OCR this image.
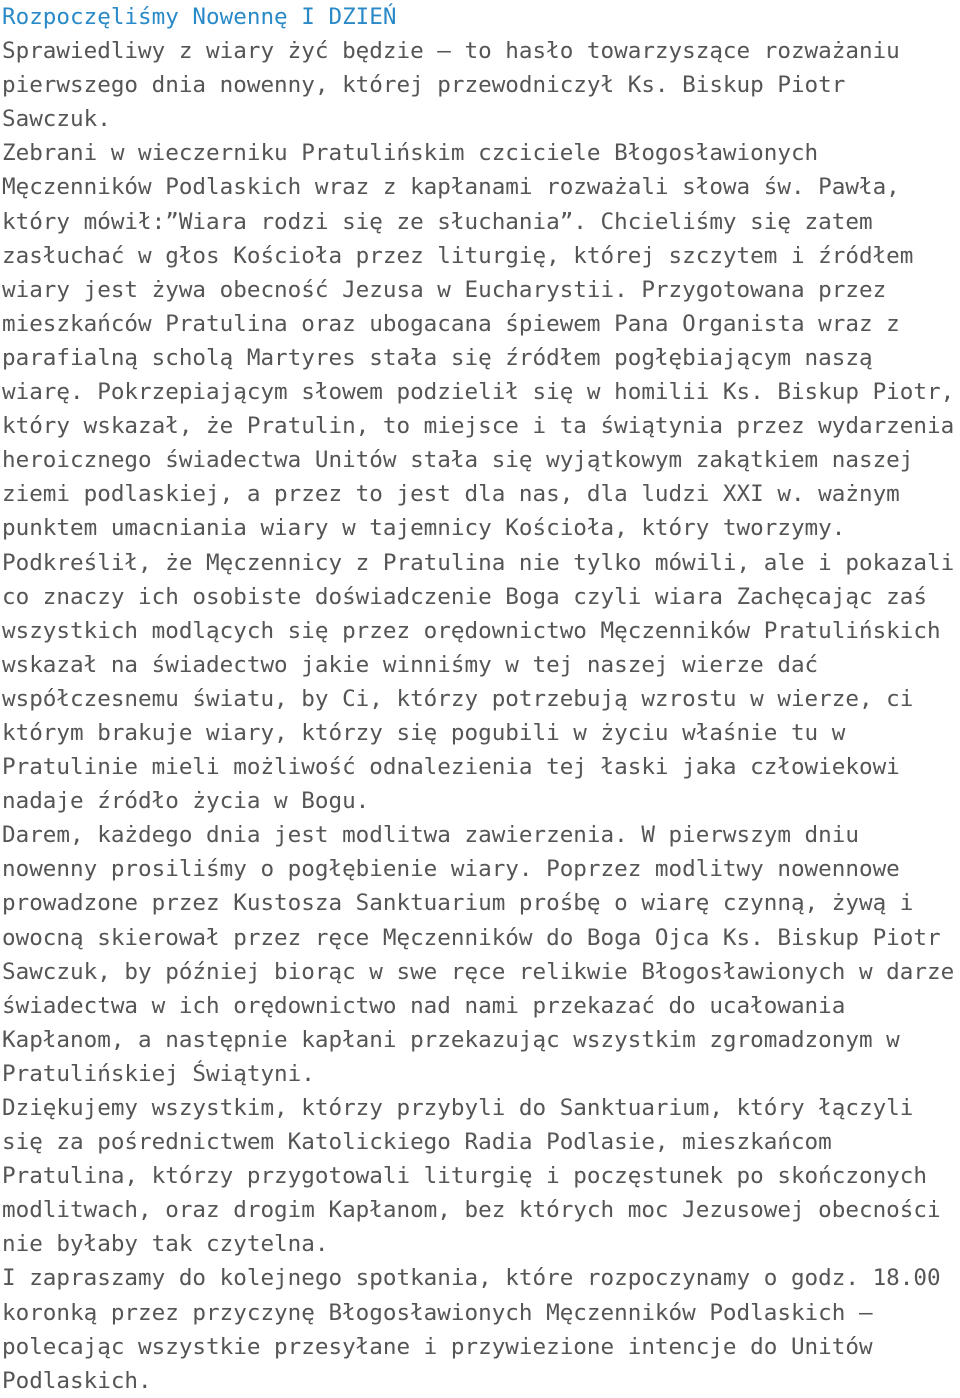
Rozpoczęliśmy Nowennę I DZIEŃ

Sprawiedliwy z wiary żyć będzie – to hasło towarzyszące rozważaniu
pierwszego dnia nowenny, której przewodniczył Ks. Biskup Piotr
Sawczuk.

Zebrani w wieczerniku Pratulińskim czciciele Błogosławionych
Męczenników Podlaskich wraz z kapłanami rozważali słowa św. Pawła,
który mówił:”Wiara rodzi się ze słuchania”. Chcieliśmy się zatem
zasłuchać w głos Kościoła przez liturgię, której szczytem i źródłem
wiary jest żywa obecność Jezusa w Eucharystii. Przygotowana przez
mieszkańców Pratulina oraz ubogacana śpiewem Pana Organista wraz z
parafialną scholą Martyres stała się źródłem pogłębiającym naszą
wiarę. Pokrzepiającym słowem podzielił się w homilii Ks. Biskup Piotr,
który wskazał, że Pratulin, to miejsce i ta świątynia przez wydarzenia
heroicznego świadectwa Unitów stała się wyjątkowym zakątkiem naszej
ziemi podlaskiej, a przez to jest dla nas, dla ludzi XXI w. ważnym
punktem umacniania wiary w tajemnicy Kościoła, który tworzymy.
Podkreślił, że Męczennicy z Pratulina nie tylko mówili, ale i pokazali
co znaczy ich osobiste doświadczenie Boga czyli wiara Zachęcając zaś
wszystkich modlących się przez orędownictwo Męczenników Pratulińskich
wskazał na świadectwo jakie winniśmy w tej naszej wierze dać
współczesnemu światu, by Ci, którzy potrzebują wzrostu w wierze, ci
którym brakuje wiary, którzy się pogubili w życiu właśnie tu w
Pratulinie mieli możliwość odnalezienia tej łaski jaka człowiekowi
nadaje źródło życia w Bogu.

Darem, każdego dnia jest modlitwa zawierzenia. W pierwszym dniu
nowenny prosiliśmy o pogłębienie wiary. Poprzez modlitwy nowennowe
prowadzone przez Kustosza Sanktuarium prośbę o wiarę czynną, żywą i
owocną skierował przez ręce Męczenników do Boga Ojca Ks. Biskup Piotr
Sawczuk, by później biorąc w swe ręce relikwie Błogosławionych w darze
świadectwa w ich orędownictwo nad nami przekazać do ucałowania
Kapłanom, a następnie kapłani przekazując wszystkim zgromadzonym w
Pratulińskiej Świątyni.

Dziękujemy wszystkim, którzy przybyli do Sanktuarium, który łączyli
się za pośrednictwem Katolickiego Radia Podlasie, mieszkańcom
Pratulina, którzy przygotowali liturgię i poczęstunek po skończonych
modlitwach, oraz drogim Kapłanom, bez których moc Jezusowej obecności
nie byłaby tak czytelna.

I zapraszamy do kolejnego spotkania, które rozpoczynamy o godz. 18.00
koronką przez przyczynę Błogosławionych Męczenników Podlaskich –
polecając wszystkie przesyłane i przywiezione intencje do Unitów
Podlaskich.
